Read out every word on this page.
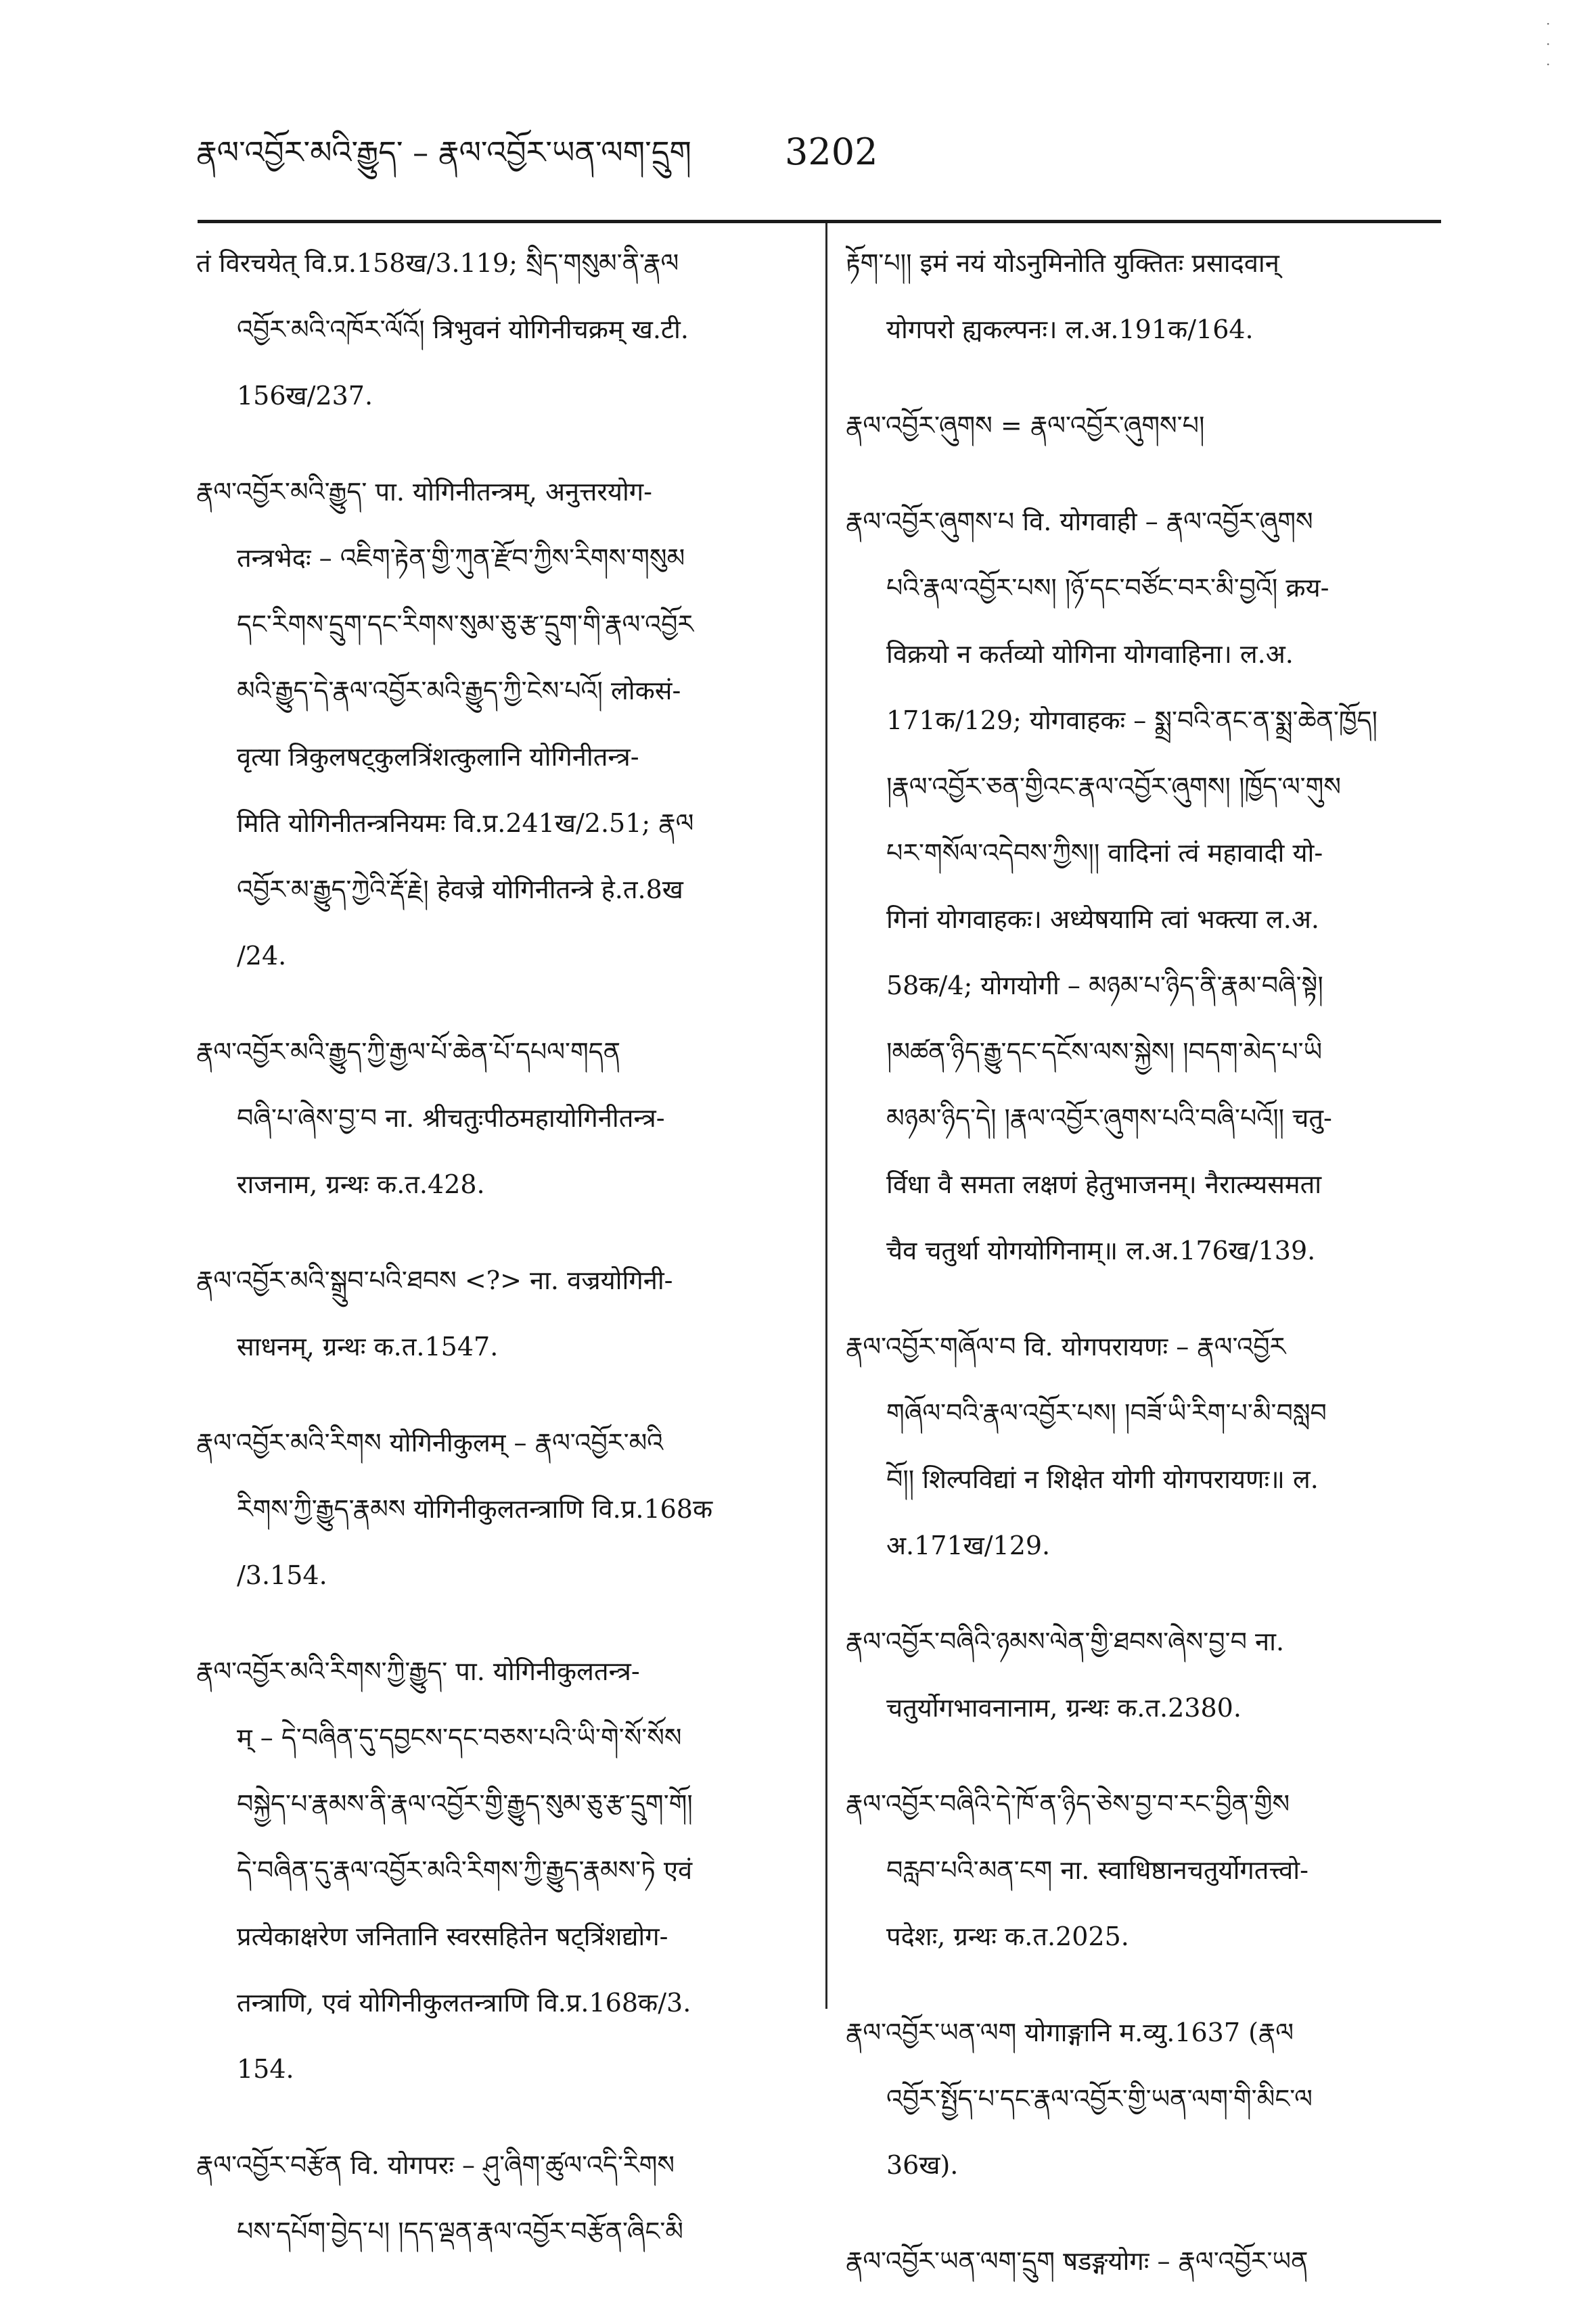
·
·
·
རྣལ་འབྱོར་མའི་རྒྱུད་ – རྣལ་འབྱོར་ཡན་ལག་དྲུག	3202
तं विरचयेत् वि.प्र.158ख/3.119; སྲིད་གསུམ་ནི་རྣལ
འབྱོར་མའི་འཁོར་ལོའོ། त्रिभुवनं योगिनीचक्रम् ख.टी.
156ख/237.
རྣལ་འབྱོར་མའི་རྒྱུད་ पा. योगिनीतन्त्रम्, अनुत्तरयोग-
तन्त्रभेदः – འཇིག་རྟེན་གྱི་ཀུན་རྫོབ་ཀྱིས་རིགས་གསུམ
དང་རིགས་དྲུག་དང་རིགས་སུམ་ཅུ་རྩ་དྲུག་གི་རྣལ་འབྱོར
མའི་རྒྱུད་དེ་རྣལ་འབྱོར་མའི་རྒྱུད་ཀྱི་ངེས་པའོ། लोकसं-
वृत्या त्रिकुलषट्कुलत्रिंशत्कुलानि योगिनीतन्त्र-
मिति योगिनीतन्त्रनियमः वि.प्र.241ख/2.51; རྣལ
འབྱོར་མ་རྒྱུད་ཀྱེའི་རྡོ་རྗེ། हेवज्रे योगिनीतन्त्रे हे.त.8ख
/24.
རྣལ་འབྱོར་མའི་རྒྱུད་ཀྱི་རྒྱལ་པོ་ཆེན་པོ་དཔལ་གདན
བཞི་པ་ཞེས་བྱ་བ ना. श्रीचतुःपीठमहायोगिनीतन्त्र-
राजनाम, ग्रन्थः क.त.428.
རྣལ་འབྱོར་མའི་སྒྲུབ་པའི་ཐབས <?> ना. वज्रयोगिनी-
साधनम्, ग्रन्थः क.त.1547.
རྣལ་འབྱོར་མའི་རིགས योगिनीकुलम् – རྣལ་འབྱོར་མའི
རིགས་ཀྱི་རྒྱུད་རྣམས योगिनीकुलतन्त्राणि वि.प्र.168क
/3.154.
རྣལ་འབྱོར་མའི་རིགས་ཀྱི་རྒྱུད་ पा. योगिनीकुलतन्त्र-
म् – དེ་བཞིན་དུ་དབྱངས་དང་བཅས་པའི་ཡི་གེ་སོ་སོས
བསྐྱེད་པ་རྣམས་ནི་རྣལ་འབྱོར་གྱི་རྒྱུད་སུམ་ཅུ་རྩ་དྲུག་གོ།
དེ་བཞིན་དུ་རྣལ་འབྱོར་མའི་རིགས་ཀྱི་རྒྱུད་རྣམས་ཏེ एवं
प्रत्येकाक्षरेण जनितानि स्वरसहितेन षट्त्रिंशद्योग-
तन्त्राणि, एवं योगिनीकुलतन्त्राणि वि.प्र.168क/3.
154.
རྣལ་འབྱོར་བརྩོན वि. योगपरः – ཤུ་ཞིག་ཚུལ་འདི་རིགས
པས་དཔོག་བྱེད་པ། །དད་ལྡན་རྣལ་འབྱོར་བརྩོན་ཞིང་མི
རྟོག་པ།། इमं नयं योऽनुमिनोति युक्तितः प्रसादवान्
योगपरो ह्यकल्पनः। ल.अ.191क/164.
རྣལ་འབྱོར་ཞུགས = རྣལ་འབྱོར་ཞུགས་པ།
རྣལ་འབྱོར་ཞུགས་པ वि. योगवाही – རྣལ་འབྱོར་ཞུགས
པའི་རྣལ་འབྱོར་པས། །ཉོ་དང་བཙོང་བར་མི་བྱའོ། क्रय-
विक्रयो न कर्तव्यो योगिना योगवाहिना। ल.अ.
171क/129; योगवाहकः – སྨྲ་བའི་ནང་ན་སྨྲ་ཆེན་ཁྱོད།
།རྣལ་འབྱོར་ཅན་གྱིའང་རྣལ་འབྱོར་ཞུགས། །ཁྱོད་ལ་གུས
པར་གསོལ་འདེབས་ཀྱིས།། वादिनां त्वं महावादी यो-
गिनां योगवाहकः। अध्येषयामि त्वां भक्त्या ल.अ.
58क/4; योगयोगी – མཉམ་པ་ཉིད་ནི་རྣམ་བཞི་སྟེ།
།མཚན་ཉིད་རྒྱུ་དང་དངོས་ལས་སྐྱེས། །བདག་མེད་པ་ཡི
མཉམ་ཉིད་དེ། །རྣལ་འབྱོར་ཞུགས་པའི་བཞི་པའོ།། चतु-
र्विधा वै समता लक्षणं हेतुभाजनम्। नैरात्म्यसमता
चैव चतुर्था योगयोगिनाम्॥ ल.अ.176ख/139.
རྣལ་འབྱོར་གཞོལ་བ वि. योगपरायणः – རྣལ་འབྱོར
གཞོལ་བའི་རྣལ་འབྱོར་པས། །བཟོ་ཡི་རིག་པ་མི་བསླབ
བོ།། शिल्पविद्यां न शिक्षेत योगी योगपरायणः॥ ल.
अ.171ख/129.
རྣལ་འབྱོར་བཞིའི་ཉམས་ལེན་གྱི་ཐབས་ཞེས་བྱ་བ ना.
चतुर्योगभावनानाम, ग्रन्थः क.त.2380.
རྣལ་འབྱོར་བཞིའི་དེ་ཁོ་ན་ཉིད་ཅེས་བྱ་བ་རང་བྱིན་གྱིས
བརླབ་པའི་མན་ངག ना. स्वाधिष्ठानचतुर्योगतत्त्वो-
पदेशः, ग्रन्थः क.त.2025.
རྣལ་འབྱོར་ཡན་ལག योगाङ्गानि म.व्यु.1637 (རྣལ
འབྱོར་སྤྱོད་པ་དང་རྣལ་འབྱོར་གྱི་ཡན་ལག་གི་མིང་ལ
36ख).
རྣལ་འབྱོར་ཡན་ལག་དྲུག षडङ्गयोगः – རྣལ་འབྱོར་ཡན
